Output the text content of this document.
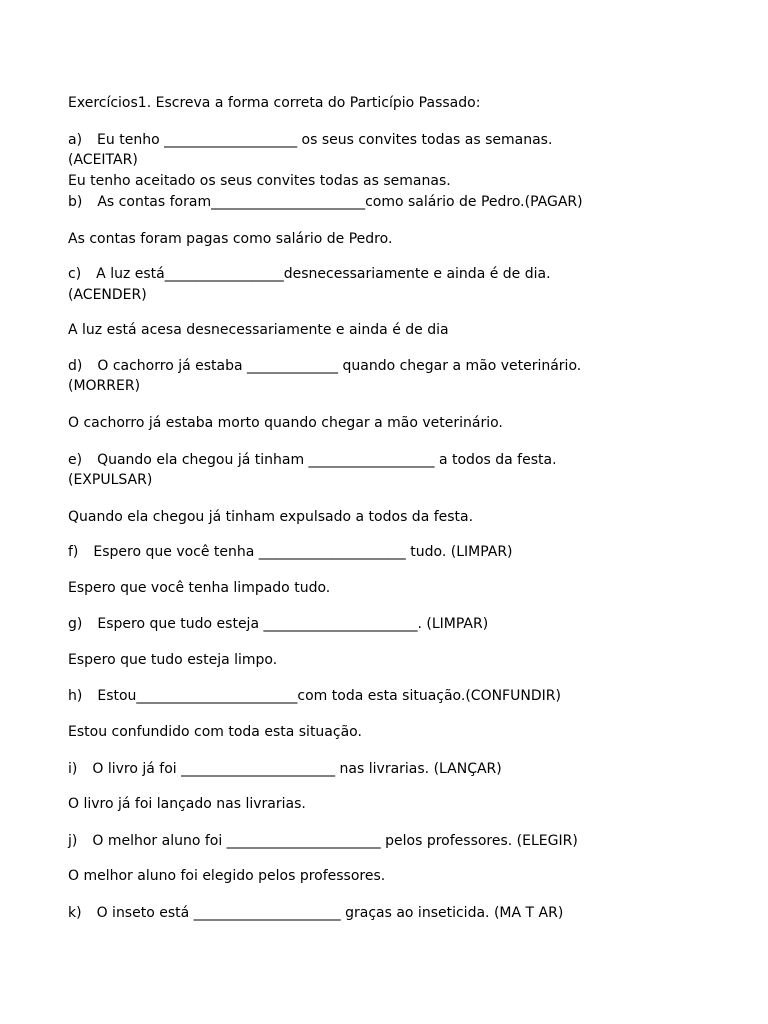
Exercícios1. Escreva a forma correta do Particípio Passado:

a) Eu tenho ___________________ os seus convites todas as semanas.

(ACEITAR)

Eu tenho aceitado os seus convites todas as semanas.

b) As contas foram______________________como salário de Pedro.(PAGAR)

As contas foram pagas como salário de Pedro.

c) A luz está_________________desnecessariamente e ainda é de dia.

(ACENDER)

A luz está acesa desnecessariamente e ainda é de dia

d) O cachorro já estaba _____________ quando chegar a mão veterinário.

(MORRER)

O cachorro já estaba morto quando chegar a mão veterinário.

e) Quando ela chegou já tinham __________________ a todos da festa.

(EXPULSAR)

Quando ela chegou já tinham expulsado a todos da festa.

f) Espero que você tenha _____________________ tudo. (LIMPAR)

Espero que você tenha limpado tudo.

g) Espero que tudo esteja ______________________. (LIMPAR)

Espero que tudo esteja limpo.

h) Estou_______________________com toda esta situação.(CONFUNDIR)

Estou confundido com toda esta situação.

i) O livro já foi ______________________ nas livrarias. (LANÇAR)

O livro já foi lançado nas livrarias.

j) O melhor aluno foi ______________________ pelos professores. (ELEGIR)

O melhor aluno foi elegido pelos professores.

k) O inseto está _____________________ graças ao inseticida. (MA T AR)
